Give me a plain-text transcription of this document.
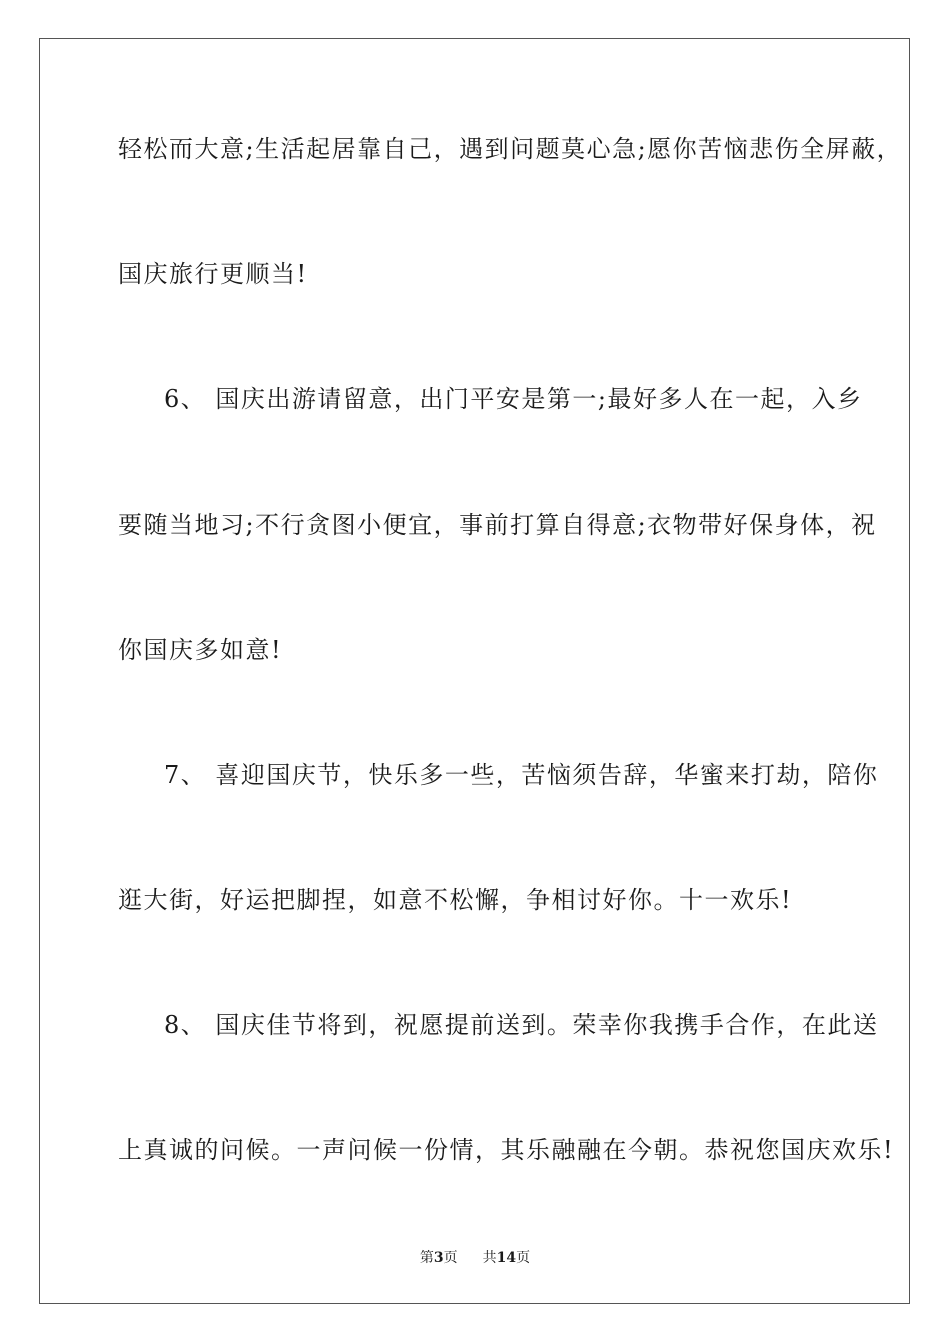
轻松而大意;生活起居靠自己，遇到问题莫心急;愿你苦恼悲伤全屏蔽，
国庆旅行更顺当!
6、 国庆出游请留意，出门平安是第一;最好多人在一起，入乡
要随当地习;不行贪图小便宜，事前打算自得意;衣物带好保身体，祝
你国庆多如意!
7、 喜迎国庆节，快乐多一些，苦恼须告辞，华蜜来打劫，陪你
逛大街，好运把脚捏，如意不松懈，争相讨好你。十一欢乐!
8、 国庆佳节将到，祝愿提前送到。荣幸你我携手合作，在此送
上真诚的问候。一声问候一份情，其乐融融在今朝。恭祝您国庆欢乐!
第3页 共14页
